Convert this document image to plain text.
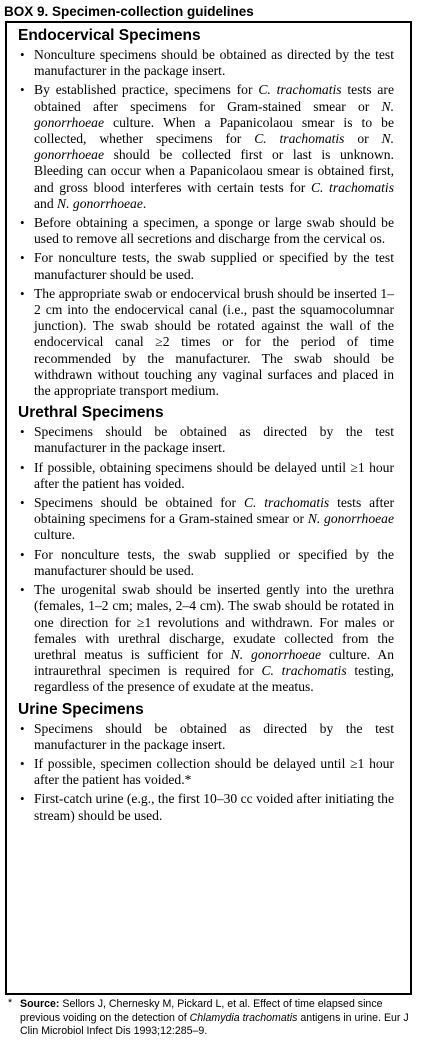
BOX 9. Specimen-collection guidelines
Endocervical Specimens
• Nonculture specimens should be obtained as directed by the test manufacturer in the package insert.
• By established practice, specimens for C. trachomatis tests are obtained after specimens for Gram-stained smear or N. gonorrhoeae culture. When a Papanicolaou smear is to be collected, whether specimens for C. trachomatis or N. gonorrhoeae should be collected first or last is unknown. Bleeding can occur when a Papanicolaou smear is obtained first, and gross blood interferes with certain tests for C. trachomatis and N. gonorrhoeae.
• Before obtaining a specimen, a sponge or large swab should be used to remove all secretions and discharge from the cervical os.
• For nonculture tests, the swab supplied or specified by the test manufacturer should be used.
• The appropriate swab or endocervical brush should be inserted 1–2 cm into the endocervical canal (i.e., past the squamocolumnar junction). The swab should be rotated against the wall of the endocervical canal ≥2 times or for the period of time recommended by the manufacturer. The swab should be withdrawn without touching any vaginal surfaces and placed in the appropriate transport medium.
Urethral Specimens
• Specimens should be obtained as directed by the test manufacturer in the package insert.
• If possible, obtaining specimens should be delayed until ≥1 hour after the patient has voided.
• Specimens should be obtained for C. trachomatis tests after obtaining specimens for a Gram-stained smear or N. gonorrhoeae culture.
• For nonculture tests, the swab supplied or specified by the manufacturer should be used.
• The urogenital swab should be inserted gently into the urethra (females, 1–2 cm; males, 2–4 cm). The swab should be rotated in one direction for ≥1 revolutions and withdrawn. For males or females with urethral discharge, exudate collected from the urethral meatus is sufficient for N. gonorrhoeae culture. An intraurethral specimen is required for C. trachomatis testing, regardless of the presence of exudate at the meatus.
Urine Specimens
• Specimens should be obtained as directed by the test manufacturer in the package insert.
• If possible, specimen collection should be delayed until ≥1 hour after the patient has voided.*
• First-catch urine (e.g., the first 10–30 cc voided after initiating the stream) should be used.
* Source: Sellors J, Chernesky M, Pickard L, et al. Effect of time elapsed since previous voiding on the detection of Chlamydia trachomatis antigens in urine. Eur J Clin Microbiol Infect Dis 1993;12:285–9.
